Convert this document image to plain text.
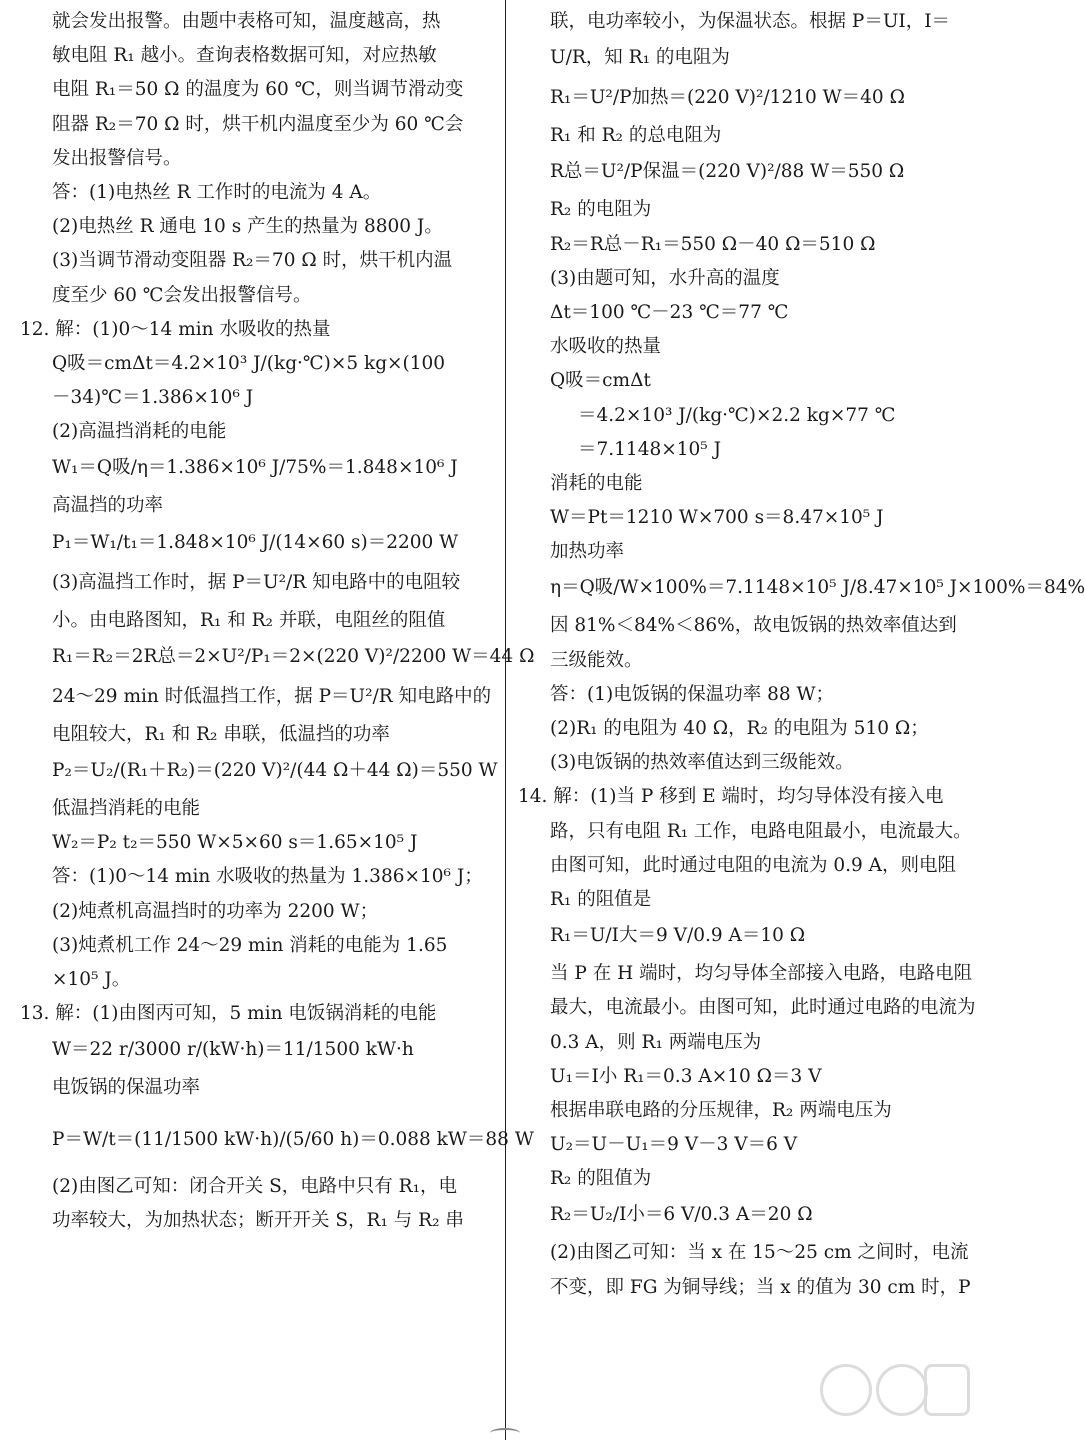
就会发出报警。由题中表格可知，温度越高，热
敏电阻 R₁ 越小。查询表格数据可知，对应热敏
电阻 R₁＝50 Ω 的温度为 60 ℃，则当调节滑动变
阻器 R₂＝70 Ω 时，烘干机内温度至少为 60 ℃会
发出报警信号。
答：(1)电热丝 R 工作时的电流为 4 A。
(2)电热丝 R 通电 10 s 产生的热量为 8800 J。
(3)当调节滑动变阻器 R₂＝70 Ω 时，烘干机内温
度至少 60 ℃会发出报警信号。
12. 解：(1)0～14 min 水吸收的热量
Q吸＝cmΔt＝4.2×10³ J/(kg·℃)×5 kg×(100
－34)℃＝1.386×10⁶ J
(2)高温挡消耗的电能
W₁＝Q吸/η＝1.386×10⁶ J/75%＝1.848×10⁶ J
高温挡的功率
P₁＝W₁/t₁＝1.848×10⁶ J/(14×60 s)＝2200 W
(3)高温挡工作时，据 P＝U²/R 知电路中的电阻较
小。由电路图知，R₁ 和 R₂ 并联，电阻丝的阻值
R₁＝R₂＝2R总＝2×U²/P₁＝2×(220 V)²/2200 W＝44 Ω
24～29 min 时低温挡工作，据 P＝U²/R 知电路中的
电阻较大，R₁ 和 R₂ 串联，低温挡的功率
P₂＝U₂/(R₁＋R₂)＝(220 V)²/(44 Ω＋44 Ω)＝550 W
低温挡消耗的电能
W₂＝P₂ t₂＝550 W×5×60 s＝1.65×10⁵ J
答：(1)0～14 min 水吸收的热量为 1.386×10⁶ J；
(2)炖煮机高温挡时的功率为 2200 W；
(3)炖煮机工作 24～29 min 消耗的电能为 1.65
×10⁵ J。
13. 解：(1)由图丙可知，5 min 电饭锅消耗的电能
W＝22 r/3000 r/(kW·h)＝11/1500 kW·h
电饭锅的保温功率
P＝W/t＝(11/1500 kW·h)/(5/60 h)＝0.088 kW＝88 W
(2)由图乙可知：闭合开关 S，电路中只有 R₁，电
功率较大，为加热状态；断开开关 S，R₁ 与 R₂ 串
联，电功率较小，为保温状态。根据 P＝UI，I＝
U/R，知 R₁ 的电阻为
R₁＝U²/P加热＝(220 V)²/1210 W＝40 Ω
R₁ 和 R₂ 的总电阻为
R总＝U²/P保温＝(220 V)²/88 W＝550 Ω
R₂ 的电阻为
R₂＝R总－R₁＝550 Ω－40 Ω＝510 Ω
(3)由题可知，水升高的温度
Δt＝100 ℃－23 ℃＝77 ℃
水吸收的热量
Q吸＝cmΔt
＝4.2×10³ J/(kg·℃)×2.2 kg×77 ℃
＝7.1148×10⁵ J
消耗的电能
W＝Pt＝1210 W×700 s＝8.47×10⁵ J
加热功率
η＝Q吸/W×100%＝7.1148×10⁵ J/8.47×10⁵ J×100%＝84%
因 81%＜84%＜86%，故电饭锅的热效率值达到
三级能效。
答：(1)电饭锅的保温功率 88 W；
(2)R₁ 的电阻为 40 Ω，R₂ 的电阻为 510 Ω；
(3)电饭锅的热效率值达到三级能效。
14. 解：(1)当 P 移到 E 端时，均匀导体没有接入电
路，只有电阻 R₁ 工作，电路电阻最小，电流最大。
由图可知，此时通过电阻的电流为 0.9 A，则电阻
R₁ 的阻值是
R₁＝U/I大＝9 V/0.9 A＝10 Ω
当 P 在 H 端时，均匀导体全部接入电路，电路电阻
最大，电流最小。由图可知，此时通过电路的电流为
0.3 A，则 R₁ 两端电压为
U₁＝I小 R₁＝0.3 A×10 Ω＝3 V
根据串联电路的分压规律，R₂ 两端电压为
U₂＝U－U₁＝9 V－3 V＝6 V
R₂ 的阻值为
R₂＝U₂/I小＝6 V/0.3 A＝20 Ω
(2)由图乙可知：当 x 在 15～25 cm 之间时，电流
不变，即 FG 为铜导线；当 x 的值为 30 cm 时，P
